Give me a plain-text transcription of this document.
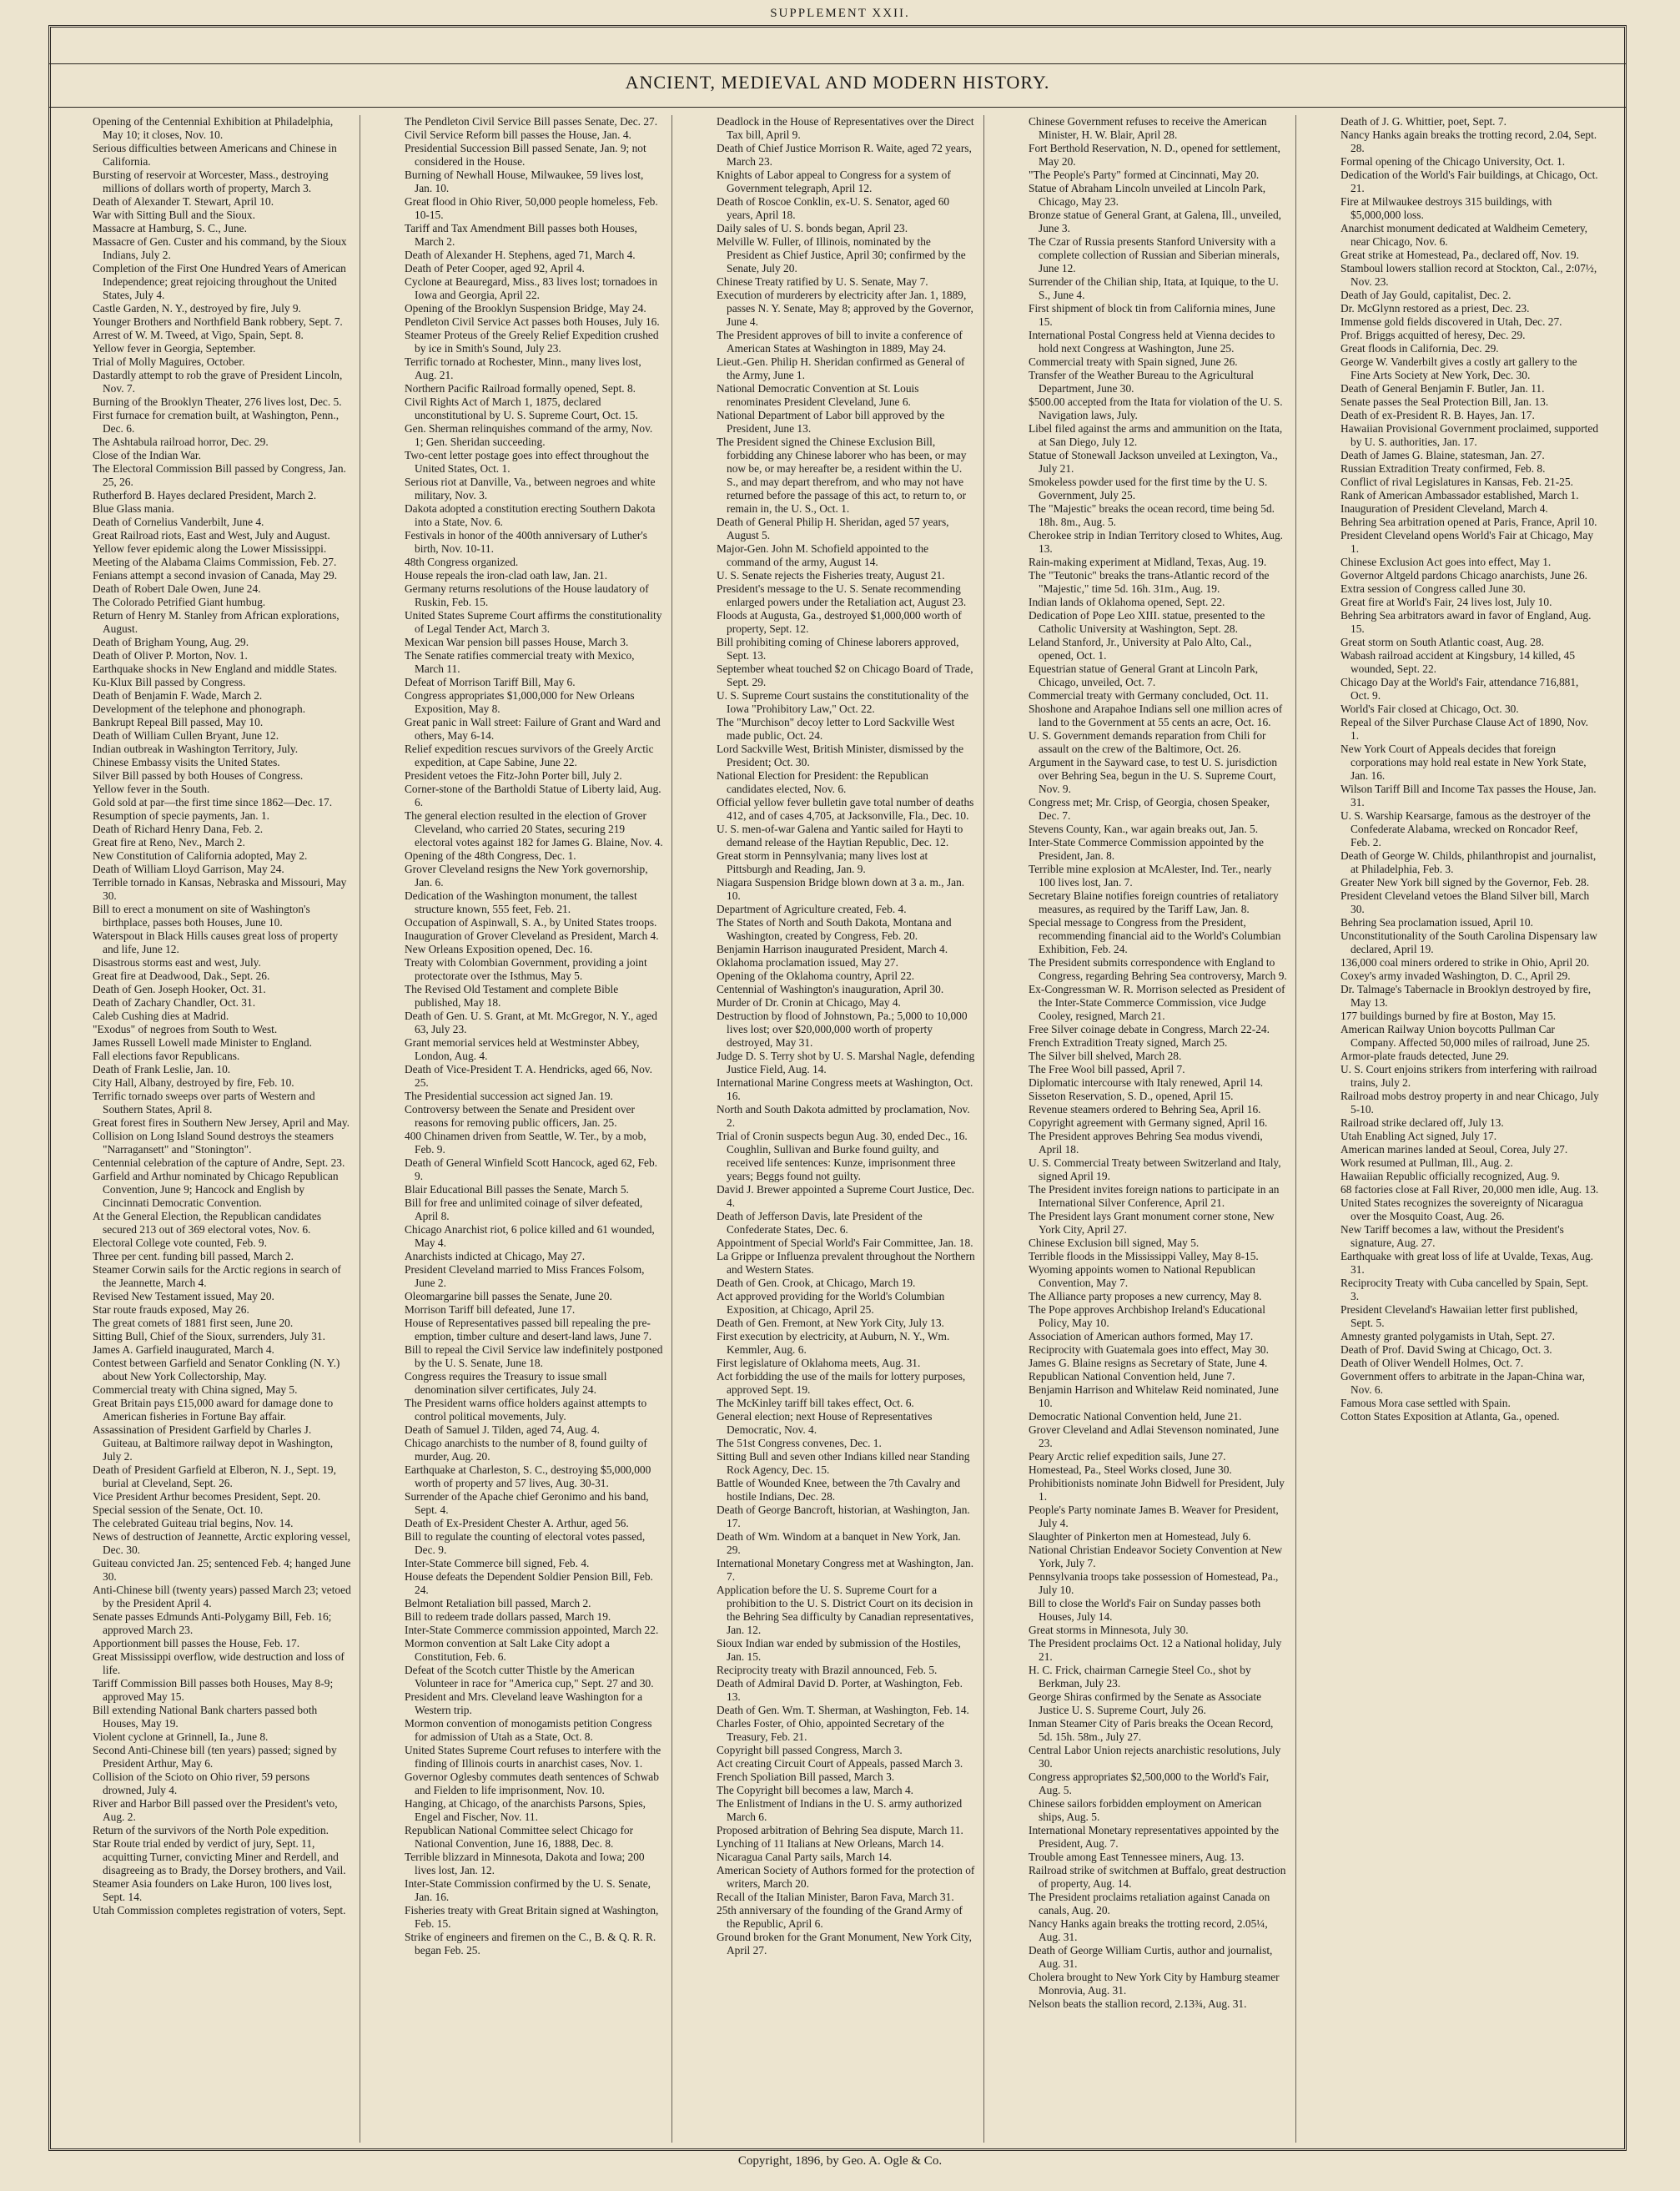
SUPPLEMENT XXII.
ANCIENT, MEDIEVAL AND MODERN HISTORY.
Opening of the Centennial Exhibition at Philadelphia, May 10; it closes, Nov. 10.
Serious difficulties between Americans and Chinese in California.
Bursting of reservoir at Worcester, Mass., destroying millions of dollars worth of property, March 3.
Death of Alexander T. Stewart, April 10.
War with Sitting Bull and the Sioux.
Massacre at Hamburg, S. C., June.
Massacre of Gen. Custer and his command, by the Sioux Indians, July 2.
Completion of the First One Hundred Years of American Independence; great rejoicing throughout the United States, July 4.
Castle Garden, N. Y., destroyed by fire, July 9.
Younger Brothers and Northfield Bank robbery, Sept. 7.
Arrest of W. M. Tweed, at Vigo, Spain, Sept. 8.
Yellow fever in Georgia, September.
Trial of Molly Maguires, October.
Dastardly attempt to rob the grave of President Lincoln, Nov. 7.
Burning of the Brooklyn Theater, 276 lives lost, Dec. 5.
First furnace for cremation built, at Washington, Penn., Dec. 6.
The Ashtabula railroad horror, Dec. 29.
Close of the Indian War.
The Electoral Commission Bill passed by Congress, Jan. 25, 26.
Rutherford B. Hayes declared President, March 2.
Blue Glass mania.
Death of Cornelius Vanderbilt, June 4.
Great Railroad riots, East and West, July and August.
Yellow fever epidemic along the Lower Mississippi.
Meeting of the Alabama Claims Commission, Feb. 27.
Fenians attempt a second invasion of Canada, May 29.
Death of Robert Dale Owen, June 24.
The Colorado Petrified Giant humbug.
Return of Henry M. Stanley from African explorations, August.
Death of Brigham Young, Aug. 29.
Death of Oliver P. Morton, Nov. 1.
Earthquake shocks in New England and middle States.
Ku-Klux Bill passed by Congress.
Death of Benjamin F. Wade, March 2.
Development of the telephone and phonograph.
Bankrupt Repeal Bill passed, May 10.
Death of William Cullen Bryant, June 12.
Indian outbreak in Washington Territory, July.
Chinese Embassy visits the United States.
Silver Bill passed by both Houses of Congress.
Yellow fever in the South.
Gold sold at par—the first time since 1862—Dec. 17.
Resumption of specie payments, Jan. 1.
Death of Richard Henry Dana, Feb. 2.
Great fire at Reno, Nev., March 2.
New Constitution of California adopted, May 2.
Death of William Lloyd Garrison, May 24.
Terrible tornado in Kansas, Nebraska and Missouri, May 30.
Bill to erect a monument on site of Washington's birthplace, passes both Houses, June 10.
Waterspout in Black Hills causes great loss of property and life, June 12.
Disastrous storms east and west, July.
Great fire at Deadwood, Dak., Sept. 26.
Death of Gen. Joseph Hooker, Oct. 31.
Death of Zachary Chandler, Oct. 31.
Caleb Cushing dies at Madrid.
"Exodus" of negroes from South to West.
James Russell Lowell made Minister to England.
Fall elections favor Republicans.
Death of Frank Leslie, Jan. 10.
City Hall, Albany, destroyed by fire, Feb. 10.
Terrific tornado sweeps over parts of Western and Southern States, April 8.
Great forest fires in Southern New Jersey, April and May.
Collision on Long Island Sound destroys the steamers "Narragansett" and "Stonington".
Centennial celebration of the capture of Andre, Sept. 23.
Garfield and Arthur nominated by Chicago Republican Convention, June 9; Hancock and English by Cincinnati Democratic Convention.
At the General Election, the Republican candidates secured 213 out of 369 electoral votes, Nov. 6.
Electoral College vote counted, Feb. 9.
Three per cent. funding bill passed, March 2.
Steamer Corwin sails for the Arctic regions in search of the Jeannette, March 4.
Revised New Testament issued, May 20.
Star route frauds exposed, May 26.
The great comets of 1881 first seen, June 20.
Sitting Bull, Chief of the Sioux, surrenders, July 31.
James A. Garfield inaugurated, March 4.
Contest between Garfield and Senator Conkling (N. Y.) about New York Collectorship, May.
Commercial treaty with China signed, May 5.
Great Britain pays £15,000 award for damage done to American fisheries in Fortune Bay affair.
Assassination of President Garfield by Charles J. Guiteau, at Baltimore railway depot in Washington, July 2.
Death of President Garfield at Elberon, N. J., Sept. 19, burial at Cleveland, Sept. 26.
Vice President Arthur becomes President, Sept. 20.
Special session of the Senate, Oct. 10.
The celebrated Guiteau trial begins, Nov. 14.
News of destruction of Jeannette, Arctic exploring vessel, Dec. 30.
Guiteau convicted Jan. 25; sentenced Feb. 4; hanged June 30.
Anti-Chinese bill (twenty years) passed March 23; vetoed by the President April 4.
Senate passes Edmunds Anti-Polygamy Bill, Feb. 16; approved March 23.
Apportionment bill passes the House, Feb. 17.
Great Mississippi overflow, wide destruction and loss of life.
Tariff Commission Bill passes both Houses, May 8-9; approved May 15.
Bill extending National Bank charters passed both Houses, May 19.
Violent cyclone at Grinnell, Ia., June 8.
Second Anti-Chinese bill (ten years) passed; signed by President Arthur, May 6.
Collision of the Scioto on Ohio river, 59 persons drowned, July 4.
River and Harbor Bill passed over the President's veto, Aug. 2.
Return of the survivors of the North Pole expedition.
Star Route trial ended by verdict of jury, Sept. 11, acquitting Turner, convicting Miner and Rerdell, and disagreeing as to Brady, the Dorsey brothers, and Vail.
Steamer Asia founders on Lake Huron, 100 lives lost, Sept. 14.
Utah Commission completes registration of voters, Sept.
The Pendleton Civil Service Bill passes Senate, Dec. 27.
Civil Service Reform bill passes the House, Jan. 4.
Presidential Succession Bill passed Senate, Jan. 9; not considered in the House.
Burning of Newhall House, Milwaukee, 59 lives lost, Jan. 10.
Great flood in Ohio River, 50,000 people homeless, Feb. 10-15.
Tariff and Tax Amendment Bill passes both Houses, March 2.
Death of Alexander H. Stephens, aged 71, March 4.
Death of Peter Cooper, aged 92, April 4.
Cyclone at Beauregard, Miss., 83 lives lost; tornadoes in Iowa and Georgia, April 22.
Opening of the Brooklyn Suspension Bridge, May 24.
Pendleton Civil Service Act passes both Houses, July 16.
Steamer Proteus of the Greely Relief Expedition crushed by ice in Smith's Sound, July 23.
Terrific tornado at Rochester, Minn., many lives lost, Aug. 21.
Northern Pacific Railroad formally opened, Sept. 8.
Civil Rights Act of March 1, 1875, declared unconstitutional by U. S. Supreme Court, Oct. 15.
Gen. Sherman relinquishes command of the army, Nov. 1; Gen. Sheridan succeeding.
Two-cent letter postage goes into effect throughout the United States, Oct. 1.
Serious riot at Danville, Va., between negroes and white military, Nov. 3.
Dakota adopted a constitution erecting Southern Dakota into a State, Nov. 6.
Festivals in honor of the 400th anniversary of Luther's birth, Nov. 10-11.
48th Congress organized.
House repeals the iron-clad oath law, Jan. 21.
Germany returns resolutions of the House laudatory of Ruskin, Feb. 15.
United States Supreme Court affirms the constitutionality of Legal Tender Act, March 3.
Mexican War pension bill passes House, March 3.
The Senate ratifies commercial treaty with Mexico, March 11.
Defeat of Morrison Tariff Bill, May 6.
Congress appropriates $1,000,000 for New Orleans Exposition, May 8.
Great panic in Wall street: Failure of Grant and Ward and others, May 6-14.
Relief expedition rescues survivors of the Greely Arctic expedition, at Cape Sabine, June 22.
President vetoes the Fitz-John Porter bill, July 2.
Corner-stone of the Bartholdi Statue of Liberty laid, Aug. 6.
The general election resulted in the election of Grover Cleveland, who carried 20 States, securing 219 electoral votes against 182 for James G. Blaine, Nov. 4.
Opening of the 48th Congress, Dec. 1.
Grover Cleveland resigns the New York governorship, Jan. 6.
Dedication of the Washington monument, the tallest structure known, 555 feet, Feb. 21.
Occupation of Aspinwall, S. A., by United States troops.
Inauguration of Grover Cleveland as President, March 4.
New Orleans Exposition opened, Dec. 16.
Treaty with Colombian Government, providing a joint protectorate over the Isthmus, May 5.
The Revised Old Testament and complete Bible published, May 18.
Death of Gen. U. S. Grant, at Mt. McGregor, N. Y., aged 63, July 23.
Grant memorial services held at Westminster Abbey, London, Aug. 4.
Death of Vice-President T. A. Hendricks, aged 66, Nov. 25.
The Presidential succession act signed Jan. 19.
Controversy between the Senate and President over reasons for removing public officers, Jan. 25.
400 Chinamen driven from Seattle, W. Ter., by a mob, Feb. 9.
Death of General Winfield Scott Hancock, aged 62, Feb. 9.
Blair Educational Bill passes the Senate, March 5.
Bill for free and unlimited coinage of silver defeated, April 8.
Chicago Anarchist riot, 6 police killed and 61 wounded, May 4.
Anarchists indicted at Chicago, May 27.
President Cleveland married to Miss Frances Folsom, June 2.
Oleomargarine bill passes the Senate, June 20.
Morrison Tariff bill defeated, June 17.
House of Representatives passed bill repealing the pre-emption, timber culture and desert-land laws, June 7.
Bill to repeal the Civil Service law indefinitely postponed by the U. S. Senate, June 18.
Congress requires the Treasury to issue small denomination silver certificates, July 24.
The President warns office holders against attempts to control political movements, July.
Death of Samuel J. Tilden, aged 74, Aug. 4.
Chicago anarchists to the number of 8, found guilty of murder, Aug. 20.
Earthquake at Charleston, S. C., destroying $5,000,000 worth of property and 57 lives, Aug. 30-31.
Surrender of the Apache chief Geronimo and his band, Sept. 4.
Death of Ex-President Chester A. Arthur, aged 56.
Bill to regulate the counting of electoral votes passed, Dec. 9.
Inter-State Commerce bill signed, Feb. 4.
House defeats the Dependent Soldier Pension Bill, Feb. 24.
Belmont Retaliation bill passed, March 2.
Bill to redeem trade dollars passed, March 19.
Inter-State Commerce commission appointed, March 22.
Mormon convention at Salt Lake City adopt a Constitution, Feb. 6.
Defeat of the Scotch cutter Thistle by the American Volunteer in race for "America cup," Sept. 27 and 30.
President and Mrs. Cleveland leave Washington for a Western trip.
Mormon convention of monogamists petition Congress for admission of Utah as a State, Oct. 8.
United States Supreme Court refuses to interfere with the finding of Illinois courts in anarchist cases, Nov. 1.
Governor Oglesby commutes death sentences of Schwab and Fielden to life imprisonment, Nov. 10.
Hanging, at Chicago, of the anarchists Parsons, Spies, Engel and Fischer, Nov. 11.
Republican National Committee select Chicago for National Convention, June 16, 1888, Dec. 8.
Terrible blizzard in Minnesota, Dakota and Iowa; 200 lives lost, Jan. 12.
Inter-State Commission confirmed by the U. S. Senate, Jan. 16.
Fisheries treaty with Great Britain signed at Washington, Feb. 15.
Strike of engineers and firemen on the C., B. & Q. R. R. began Feb. 25.
Deadlock in the House of Representatives over the Direct Tax bill, April 9.
Death of Chief Justice Morrison R. Waite, aged 72 years, March 23.
Knights of Labor appeal to Congress for a system of Government telegraph, April 12.
Death of Roscoe Conklin, ex-U. S. Senator, aged 60 years, April 18.
Daily sales of U. S. bonds began, April 23.
Melville W. Fuller, of Illinois, nominated by the President as Chief Justice, April 30; confirmed by the Senate, July 20.
Chinese Treaty ratified by U. S. Senate, May 7.
Execution of murderers by electricity after Jan. 1, 1889, passes N. Y. Senate, May 8; approved by the Governor, June 4.
The President approves of bill to invite a conference of American States at Washington in 1889, May 24.
Lieut.-Gen. Philip H. Sheridan confirmed as General of the Army, June 1.
National Democratic Convention at St. Louis renominates President Cleveland, June 6.
National Department of Labor bill approved by the President, June 13.
The President signed the Chinese Exclusion Bill, forbidding any Chinese laborer who has been, or may now be, or may hereafter be, a resident within the U. S., and may depart therefrom, and who may not have returned before the passage of this act, to return to, or remain in, the U. S., Oct. 1.
Death of General Philip H. Sheridan, aged 57 years, August 5.
Major-Gen. John M. Schofield appointed to the command of the army, August 14.
U. S. Senate rejects the Fisheries treaty, August 21.
President's message to the U. S. Senate recommending enlarged powers under the Retaliation act, August 23.
Floods at Augusta, Ga., destroyed $1,000,000 worth of property, Sept. 12.
Bill prohibiting coming of Chinese laborers approved, Sept. 13.
September wheat touched $2 on Chicago Board of Trade, Sept. 29.
U. S. Supreme Court sustains the constitutionality of the Iowa "Prohibitory Law," Oct. 22.
The "Murchison" decoy letter to Lord Sackville West made public, Oct. 24.
Lord Sackville West, British Minister, dismissed by the President; Oct. 30.
National Election for President: the Republican candidates elected, Nov. 6.
Official yellow fever bulletin gave total number of deaths 412, and of cases 4,705, at Jacksonville, Fla., Dec. 10.
U. S. men-of-war Galena and Yantic sailed for Hayti to demand release of the Haytian Republic, Dec. 12.
Great storm in Pennsylvania; many lives lost at Pittsburgh and Reading, Jan. 9.
Niagara Suspension Bridge blown down at 3 a. m., Jan. 10.
Department of Agriculture created, Feb. 4.
The States of North and South Dakota, Montana and Washington, created by Congress, Feb. 20.
Benjamin Harrison inaugurated President, March 4.
Oklahoma proclamation issued, May 27.
Opening of the Oklahoma country, April 22.
Centennial of Washington's inauguration, April 30.
Murder of Dr. Cronin at Chicago, May 4.
Destruction by flood of Johnstown, Pa.; 5,000 to 10,000 lives lost; over $20,000,000 worth of property destroyed, May 31.
Judge D. S. Terry shot by U. S. Marshal Nagle, defending Justice Field, Aug. 14.
International Marine Congress meets at Washington, Oct. 16.
North and South Dakota admitted by proclamation, Nov. 2.
Trial of Cronin suspects begun Aug. 30, ended Dec., 16. Coughlin, Sullivan and Burke found guilty, and received life sentences: Kunze, imprisonment three years; Beggs found not guilty.
David J. Brewer appointed a Supreme Court Justice, Dec. 4.
Death of Jefferson Davis, late President of the Confederate States, Dec. 6.
Appointment of Special World's Fair Committee, Jan. 18.
La Grippe or Influenza prevalent throughout the Northern and Western States.
Death of Gen. Crook, at Chicago, March 19.
Act approved providing for the World's Columbian Exposition, at Chicago, April 25.
Death of Gen. Fremont, at New York City, July 13.
First execution by electricity, at Auburn, N. Y., Wm. Kemmler, Aug. 6.
First legislature of Oklahoma meets, Aug. 31.
Act forbidding the use of the mails for lottery purposes, approved Sept. 19.
The McKinley tariff bill takes effect, Oct. 6.
General election; next House of Representatives Democratic, Nov. 4.
The 51st Congress convenes, Dec. 1.
Sitting Bull and seven other Indians killed near Standing Rock Agency, Dec. 15.
Battle of Wounded Knee, between the 7th Cavalry and hostile Indians, Dec. 28.
Death of George Bancroft, historian, at Washington, Jan. 17.
Death of Wm. Windom at a banquet in New York, Jan. 29.
International Monetary Congress met at Washington, Jan. 7.
Application before the U. S. Supreme Court for a prohibition to the U. S. District Court on its decision in the Behring Sea difficulty by Canadian representatives, Jan. 12.
Sioux Indian war ended by submission of the Hostiles, Jan. 15.
Reciprocity treaty with Brazil announced, Feb. 5.
Death of Admiral David D. Porter, at Washington, Feb. 13.
Death of Gen. Wm. T. Sherman, at Washington, Feb. 14.
Charles Foster, of Ohio, appointed Secretary of the Treasury, Feb. 21.
Copyright bill passed Congress, March 3.
Act creating Circuit Court of Appeals, passed March 3.
French Spoliation Bill passed, March 3.
The Copyright bill becomes a law, March 4.
The Enlistment of Indians in the U. S. army authorized March 6.
Proposed arbitration of Behring Sea dispute, March 11.
Lynching of 11 Italians at New Orleans, March 14.
Nicaragua Canal Party sails, March 14.
American Society of Authors formed for the protection of writers, March 20.
Recall of the Italian Minister, Baron Fava, March 31.
25th anniversary of the founding of the Grand Army of the Republic, April 6.
Ground broken for the Grant Monument, New York City, April 27.
Chinese Government refuses to receive the American Minister, H. W. Blair, April 28.
Fort Berthold Reservation, N. D., opened for settlement, May 20.
"The People's Party" formed at Cincinnati, May 20.
Statue of Abraham Lincoln unveiled at Lincoln Park, Chicago, May 23.
Bronze statue of General Grant, at Galena, Ill., unveiled, June 3.
The Czar of Russia presents Stanford University with a complete collection of Russian and Siberian minerals, June 12.
Surrender of the Chilian ship, Itata, at Iquique, to the U. S., June 4.
First shipment of block tin from California mines, June 15.
International Postal Congress held at Vienna decides to hold next Congress at Washington, June 25.
Commercial treaty with Spain signed, June 26.
Transfer of the Weather Bureau to the Agricultural Department, June 30.
$500.00 accepted from the Itata for violation of the U. S. Navigation laws, July.
Libel filed against the arms and ammunition on the Itata, at San Diego, July 12.
Statue of Stonewall Jackson unveiled at Lexington, Va., July 21.
Smokeless powder used for the first time by the U. S. Government, July 25.
The "Majestic" breaks the ocean record, time being 5d. 18h. 8m., Aug. 5.
Cherokee strip in Indian Territory closed to Whites, Aug. 13.
Rain-making experiment at Midland, Texas, Aug. 19.
The "Teutonic" breaks the trans-Atlantic record of the "Majestic," time 5d. 16h. 31m., Aug. 19.
Indian lands of Oklahoma opened, Sept. 22.
Dedication of Pope Leo XIII. statue, presented to the Catholic University at Washington, Sept. 28.
Leland Stanford, Jr., University at Palo Alto, Cal., opened, Oct. 1.
Equestrian statue of General Grant at Lincoln Park, Chicago, unveiled, Oct. 7.
Commercial treaty with Germany concluded, Oct. 11.
Shoshone and Arapahoe Indians sell one million acres of land to the Government at 55 cents an acre, Oct. 16.
U. S. Government demands reparation from Chili for assault on the crew of the Baltimore, Oct. 26.
Argument in the Sayward case, to test U. S. jurisdiction over Behring Sea, begun in the U. S. Supreme Court, Nov. 9.
Congress met; Mr. Crisp, of Georgia, chosen Speaker, Dec. 7.
Stevens County, Kan., war again breaks out, Jan. 5.
Inter-State Commerce Commission appointed by the President, Jan. 8.
Terrible mine explosion at McAlester, Ind. Ter., nearly 100 lives lost, Jan. 7.
Secretary Blaine notifies foreign countries of retaliatory measures, as required by the Tariff Law, Jan. 8.
Special message to Congress from the President, recommending financial aid to the World's Columbian Exhibition, Feb. 24.
The President submits correspondence with England to Congress, regarding Behring Sea controversy, March 9.
Ex-Congressman W. R. Morrison selected as President of the Inter-State Commerce Commission, vice Judge Cooley, resigned, March 21.
Free Silver coinage debate in Congress, March 22-24.
French Extradition Treaty signed, March 25.
The Silver bill shelved, March 28.
The Free Wool bill passed, April 7.
Diplomatic intercourse with Italy renewed, April 14.
Sisseton Reservation, S. D., opened, April 15.
Revenue steamers ordered to Behring Sea, April 16.
Copyright agreement with Germany signed, April 16.
The President approves Behring Sea modus vivendi, April 18.
U. S. Commercial Treaty between Switzerland and Italy, signed April 19.
The President invites foreign nations to participate in an International Silver Conference, April 21.
The President lays Grant monument corner stone, New York City, April 27.
Chinese Exclusion bill signed, May 5.
Terrible floods in the Mississippi Valley, May 8-15.
Wyoming appoints women to National Republican Convention, May 7.
The Alliance party proposes a new currency, May 8.
The Pope approves Archbishop Ireland's Educational Policy, May 10.
Association of American authors formed, May 17.
Reciprocity with Guatemala goes into effect, May 30.
James G. Blaine resigns as Secretary of State, June 4.
Republican National Convention held, June 7.
Benjamin Harrison and Whitelaw Reid nominated, June 10.
Democratic National Convention held, June 21.
Grover Cleveland and Adlai Stevenson nominated, June 23.
Peary Arctic relief expedition sails, June 27.
Homestead, Pa., Steel Works closed, June 30.
Prohibitionists nominate John Bidwell for President, July 1.
People's Party nominate James B. Weaver for President, July 4.
Slaughter of Pinkerton men at Homestead, July 6.
National Christian Endeavor Society Convention at New York, July 7.
Pennsylvania troops take possession of Homestead, Pa., July 10.
Bill to close the World's Fair on Sunday passes both Houses, July 14.
Great storms in Minnesota, July 30.
The President proclaims Oct. 12 a National holiday, July 21.
H. C. Frick, chairman Carnegie Steel Co., shot by Berkman, July 23.
George Shiras confirmed by the Senate as Associate Justice U. S. Supreme Court, July 26.
Inman Steamer City of Paris breaks the Ocean Record, 5d. 15h. 58m., July 27.
Central Labor Union rejects anarchistic resolutions, July 30.
Congress appropriates $2,500,000 to the World's Fair, Aug. 5.
Chinese sailors forbidden employment on American ships, Aug. 5.
International Monetary representatives appointed by the President, Aug. 7.
Trouble among East Tennessee miners, Aug. 13.
Railroad strike of switchmen at Buffalo, great destruction of property, Aug. 14.
The President proclaims retaliation against Canada on canals, Aug. 20.
Nancy Hanks again breaks the trotting record, 2.05¼, Aug. 31.
Death of George William Curtis, author and journalist, Aug. 31.
Cholera brought to New York City by Hamburg steamer Monrovia, Aug. 31.
Nelson beats the stallion record, 2.13¾, Aug. 31.
Death of J. G. Whittier, poet, Sept. 7.
Nancy Hanks again breaks the trotting record, 2.04, Sept. 28.
Formal opening of the Chicago University, Oct. 1.
Dedication of the World's Fair buildings, at Chicago, Oct. 21.
Fire at Milwaukee destroys 315 buildings, with $5,000,000 loss.
Anarchist monument dedicated at Waldheim Cemetery, near Chicago, Nov. 6.
Great strike at Homestead, Pa., declared off, Nov. 19.
Stamboul lowers stallion record at Stockton, Cal., 2:07½, Nov. 23.
Death of Jay Gould, capitalist, Dec. 2.
Dr. McGlynn restored as a priest, Dec. 23.
Immense gold fields discovered in Utah, Dec. 27.
Prof. Briggs acquitted of heresy, Dec. 29.
Great floods in California, Dec. 29.
George W. Vanderbilt gives a costly art gallery to the Fine Arts Society at New York, Dec. 30.
Death of General Benjamin F. Butler, Jan. 11.
Senate passes the Seal Protection Bill, Jan. 13.
Death of ex-President R. B. Hayes, Jan. 17.
Hawaiian Provisional Government proclaimed, supported by U. S. authorities, Jan. 17.
Death of James G. Blaine, statesman, Jan. 27.
Russian Extradition Treaty confirmed, Feb. 8.
Conflict of rival Legislatures in Kansas, Feb. 21-25.
Rank of American Ambassador established, March 1.
Inauguration of President Cleveland, March 4.
Behring Sea arbitration opened at Paris, France, April 10.
President Cleveland opens World's Fair at Chicago, May 1.
Chinese Exclusion Act goes into effect, May 1.
Governor Altgeld pardons Chicago anarchists, June 26.
Extra session of Congress called June 30.
Great fire at World's Fair, 24 lives lost, July 10.
Behring Sea arbitrators award in favor of England, Aug. 15.
Great storm on South Atlantic coast, Aug. 28.
Wabash railroad accident at Kingsbury, 14 killed, 45 wounded, Sept. 22.
Chicago Day at the World's Fair, attendance 716,881, Oct. 9.
World's Fair closed at Chicago, Oct. 30.
Repeal of the Silver Purchase Clause Act of 1890, Nov. 1.
New York Court of Appeals decides that foreign corporations may hold real estate in New York State, Jan. 16.
Wilson Tariff Bill and Income Tax passes the House, Jan. 31.
U. S. Warship Kearsarge, famous as the destroyer of the Confederate Alabama, wrecked on Roncador Reef, Feb. 2.
Death of George W. Childs, philanthropist and journalist, at Philadelphia, Feb. 3.
Greater New York bill signed by the Governor, Feb. 28.
President Cleveland vetoes the Bland Silver bill, March 30.
Behring Sea proclamation issued, April 10.
Unconstitutionality of the South Carolina Dispensary law declared, April 19.
136,000 coal miners ordered to strike in Ohio, April 20.
Coxey's army invaded Washington, D. C., April 29.
Dr. Talmage's Tabernacle in Brooklyn destroyed by fire, May 13.
177 buildings burned by fire at Boston, May 15.
American Railway Union boycotts Pullman Car Company. Affected 50,000 miles of railroad, June 25.
Armor-plate frauds detected, June 29.
U. S. Court enjoins strikers from interfering with railroad trains, July 2.
Railroad mobs destroy property in and near Chicago, July 5-10.
Railroad strike declared off, July 13.
Utah Enabling Act signed, July 17.
American marines landed at Seoul, Corea, July 27.
Work resumed at Pullman, Ill., Aug. 2.
Hawaiian Republic officially recognized, Aug. 9.
68 factories close at Fall River, 20,000 men idle, Aug. 13.
United States recognizes the sovereignty of Nicaragua over the Mosquito Coast, Aug. 26.
New Tariff becomes a law, without the President's signature, Aug. 27.
Earthquake with great loss of life at Uvalde, Texas, Aug. 31.
Reciprocity Treaty with Cuba cancelled by Spain, Sept. 3.
President Cleveland's Hawaiian letter first published, Sept. 5.
Amnesty granted polygamists in Utah, Sept. 27.
Death of Prof. David Swing at Chicago, Oct. 3.
Death of Oliver Wendell Holmes, Oct. 7.
Government offers to arbitrate in the Japan-China war, Nov. 6.
Famous Mora case settled with Spain.
Cotton States Exposition at Atlanta, Ga., opened.
Copyright, 1896, by Geo. A. Ogle & Co.
